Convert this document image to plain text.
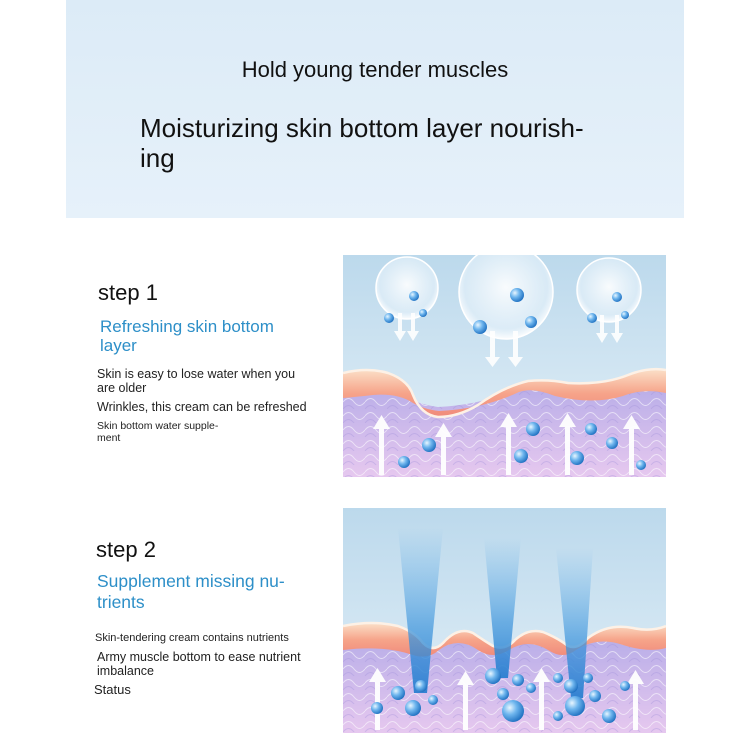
Hold young tender muscles
Moisturizing skin bottom layer nourish-
ing
step 1
Refreshing skin bottom
layer
Skin is easy to lose water when you
are older
Wrinkles, this cream can be refreshed
Skin bottom water supple-
ment
step 2
Supplement missing nu-
trients
Skin-tendering cream contains nutrients
Army muscle bottom to ease nutrient
imbalance
Status
